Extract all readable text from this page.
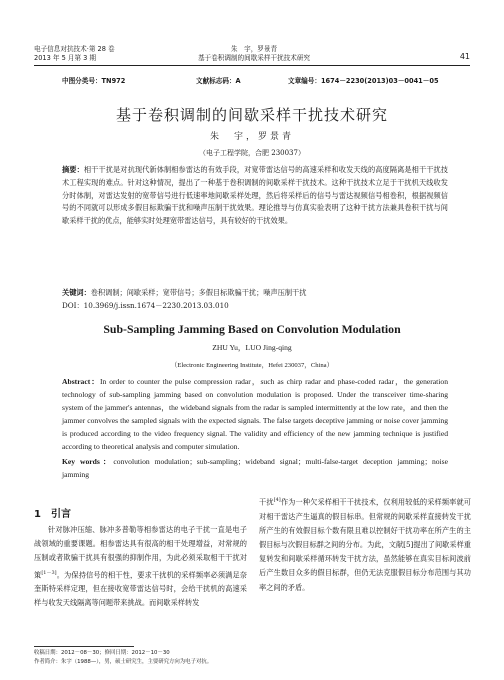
电子信息对抗技术·第 28 卷
2013 年 5 月第 3 期
朱　宇，罗景青
基于卷积调制的间歇采样干扰技术研究	41
中图分类号：TN972	文献标志码：A	文章编号：1674－2230(2013)03－0041－05
基于卷积调制的间歇采样干扰技术研究
朱　宇，罗景青
（电子工程学院，合肥 230037）
摘要：相干干扰是对抗现代新体制相参雷达的有效手段，对宽带雷达信号的高速采样和收发天线的高度隔离是相干干扰技术工程实现的难点。针对这种情况，提出了一种基于卷积调制的间歇采样干扰技术。这种干扰技术立足于干扰机天线收发分时体制，对雷达发射的宽带信号进行低速率地间歇采样处理，然后将采样后的信号与雷达视频信号相卷积，根据视频信号的不同就可以形成多假目标欺骗干扰和噪声压制干扰效果。理论推导与仿真实验表明了这种干扰方法兼具卷积干扰与间歇采样干扰的优点，能够实时处理宽带雷达信号，具有较好的干扰效果。
关键词：卷积调制；间歇采样；宽带信号；多假目标欺骗干扰；噪声压制干扰
DOI：10.3969/j.issn.1674－2230.2013.03.010
Sub-Sampling Jamming Based on Convolution Modulation
ZHU Yu，LUO Jing-qing
（Electronic Engineering Institute，Hefei 230037，China）
Abstract：In order to counter the pulse compression radar，such as chirp radar and phase-coded radar，the generation technology of sub-sampling jamming based on convolution modulation is proposed. Under the transceiver time-sharing system of the jammer's antennas，the wideband signals from the radar is sampled intermittently at the low rate，and then the jammer convolves the sampled signals with the expected signals. The false targets deceptive jamming or noise cover jamming is produced according to the video frequency signal. The validity and efficiency of the new jamming technique is justified according to theoretical analysis and computer simulation.
Key words：convolution modulation；sub-sampling；wideband signal；multi-false-target deception jamming；noise jamming
1　引言
针对脉冲压缩、脉冲多普勒等相参雷达的电子干扰一直是电子战领域的重要课题。相参雷达具有很高的相干处理增益，对常规的压制或者欺骗干扰具有很强的抑制作用，为此必须采取相干干扰对策[1－3]。为保持信号的相干性，要求干扰机的采样频率必须满足奈奎斯特采样定理，但在接收宽带雷达信号时，会给干扰机的高速采样与收发天线隔离等问题带来挑战。而间歇采样转发
干扰[4]作为一种欠采样相干干扰技术，仅利用较低的采样频率就可对相干雷达产生逼真的假目标串。但常规的间歇采样直接转发干扰所产生的有效假目标个数有限且难以控制好干扰功率在所产生的主假目标与次假目标群之间的分布。为此，文献[5]提出了间歇采样重复转发和间歇采样循环转发干扰方法，虽然能够在真实目标间波前后产生数目众多的假目标群，但仍无法克服假目标分布范围与其功率之间的矛盾。
收稿日期：2012－08－30；修回日期：2012－10－30
作者简介：朱宇（1988—），男，硕士研究生，主要研究方向为电子对抗。
